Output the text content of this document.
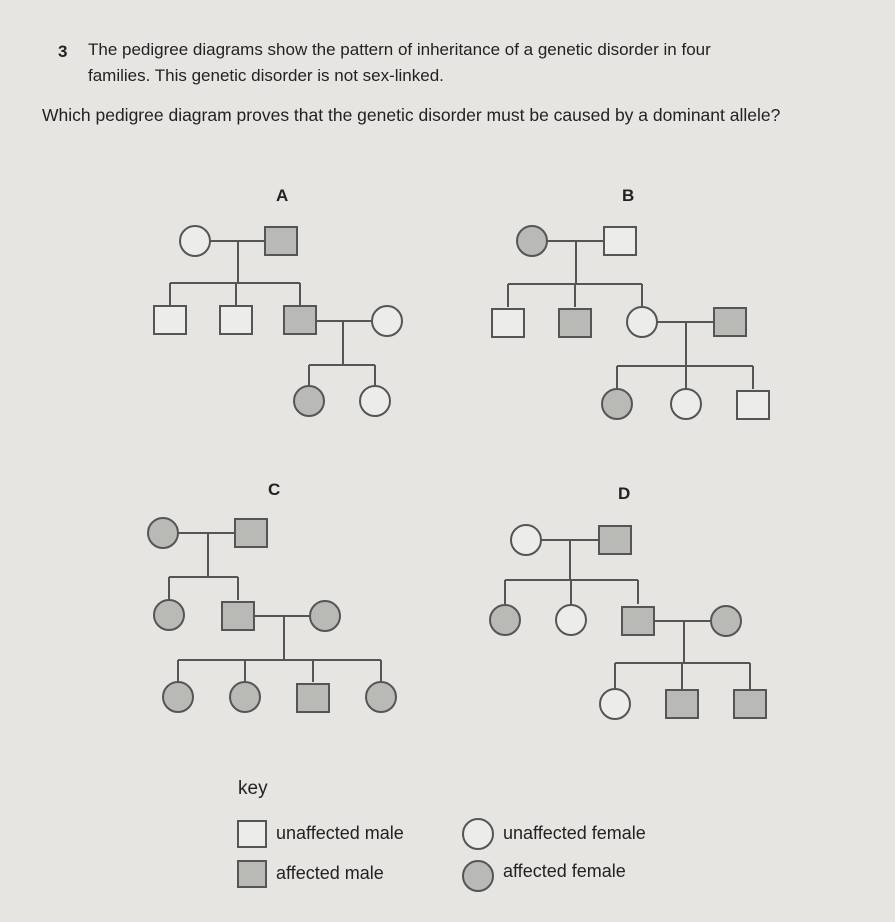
3 The pedigree diagrams show the pattern of inheritance of a genetic disorder in four
families. This genetic disorder is not sex-linked.
Which pedigree diagram proves that the genetic disorder must be caused by a dominant allele?
A	B
C	D
key
unaffected male
affected male
unaffected female
affected female
